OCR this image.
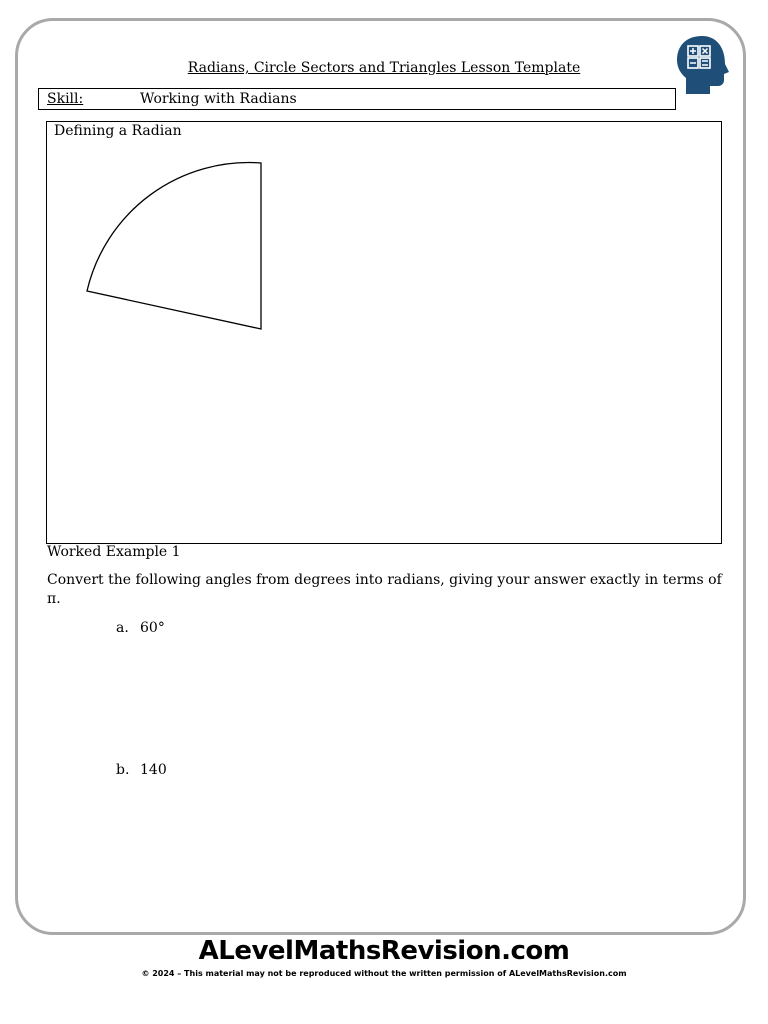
Radians, Circle Sectors and Triangles Lesson Template
Skill:	Working with Radians
Defining a Radian
Worked Example 1
Convert the following angles from degrees into radians, giving your answer exactly in terms of π.
a. 60°
b. 140
ALevelMathsRevision.com
© 2024 – This material may not be reproduced without the written permission of ALevelMathsRevision.com
